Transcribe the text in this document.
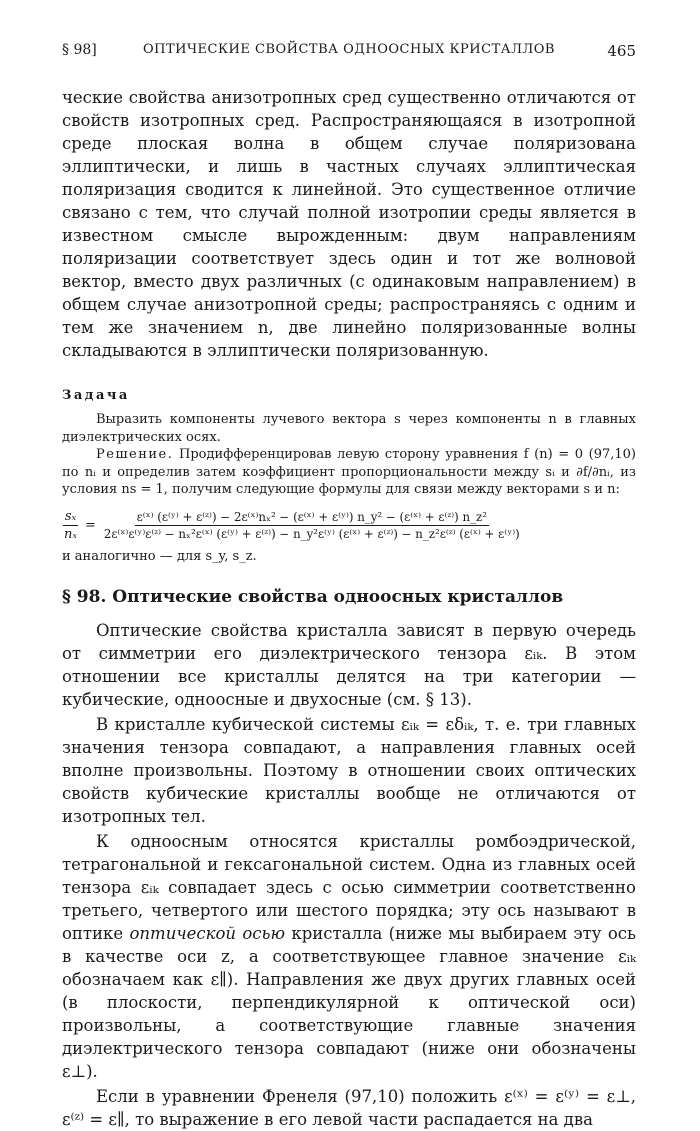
§ 98]	ОПТИЧЕСКИЕ СВОЙСТВА ОДНООСНЫХ КРИСТАЛЛОВ	465

ческие свойства анизотропных сред существенно отличаются от свойств изотропных сред. Распространяющаяся в изотропной среде плоская волна в общем случае поляризована эллиптически, и лишь в частных случаях эллиптическая поляризация сводится к линейной. Это существенное отличие связано с тем, что случай полной изотропии среды является в известном смысле вырожденным: двум направлениям поляризации соответствует здесь один и тот же волновой вектор, вместо двух различных (с одинаковым направлением) в общем случае анизотропной среды; распространяясь с одним и тем же значением n, две линейно поляризованные волны складываются в эллиптически поляризованную.

Задача

Выразить компоненты лучевого вектора s через компоненты n в главных диэлектрических осях.

Решение. Продифференцировав левую сторону уравнения f (n) = 0 (97,10) по nᵢ и определив затем коэффициент пропорциональности между sᵢ и ∂f/∂nᵢ, из условия ns = 1, получим следующие формулы для связи между векторами s и n:

$\frac{\text{sₓ}}{\text{nₓ}}$ =
ε⁽ˣ⁾ (ε⁽ʸ⁾ + ε⁽ᶻ⁾) − 2ε⁽ˣ⁾nₓ² − (ε⁽ˣ⁾ + ε⁽ʸ⁾) n_y² − (ε⁽ˣ⁾ + ε⁽ᶻ⁾) n_z²
2ε⁽ˣ⁾ε⁽ʸ⁾ε⁽ᶻ⁾ − nₓ²ε⁽ˣ⁾ (ε⁽ʸ⁾ + ε⁽ᶻ⁾) − n_y²ε⁽ʸ⁾ (ε⁽ˣ⁾ + ε⁽ᶻ⁾) − n_z²ε⁽ᶻ⁾ (ε⁽ˣ⁾ + ε⁽ʸ⁾)

и аналогично — для s_y, s_z.

§ 98. Оптические свойства одноосных кристаллов

Оптические свойства кристалла зависят в первую очередь от симметрии его диэлектрического тензора εᵢₖ. В этом отношении все кристаллы делятся на три категории — кубические, одноосные и двухосные (см. § 13).

В кристалле кубической системы εᵢₖ = εδᵢₖ, т. е. три главных значения тензора совпадают, а направления главных осей вполне произвольны. Поэтому в отношении своих оптических свойств кубические кристаллы вообще не отличаются от изотропных тел.

К одноосным относятся кристаллы ромбоэдрической, тетрагональной и гексагональной систем. Одна из главных осей тензора εᵢₖ совпадает здесь с осью симметрии соответственно третьего, четвертого или шестого порядка; эту ось называют в оптике оптической осью кристалла (ниже мы выбираем эту ось в качестве оси z, а соответствующее главное значение εᵢₖ обозначаем как ε∥). Направления же двух других главных осей (в плоскости, перпендикулярной к оптической оси) произвольны, а соответствующие главные значения диэлектрического тензора совпадают (ниже они обозначены ε⊥).

Если в уравнении Френеля (97,10) положить ε⁽ˣ⁾ = ε⁽ʸ⁾ = ε⊥, ε⁽ᶻ⁾ = ε∥, то выражение в его левой части распадается на два
